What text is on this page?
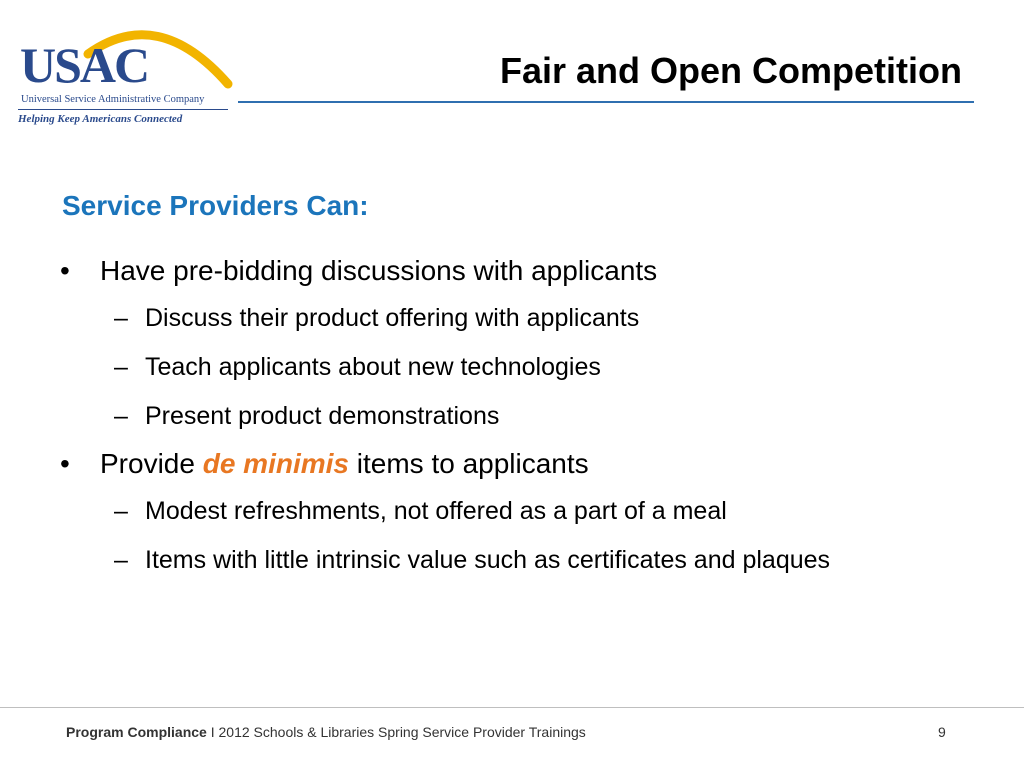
USAC
Universal Service Administrative Company
Helping Keep Americans Connected
Fair and Open Competition
Service Providers Can:
•	Have pre-bidding discussions with applicants
– Discuss their product offering with applicants
– Teach applicants about new technologies
– Present product demonstrations
•	Provide de minimis items to applicants
– Modest refreshments, not offered as a part of a meal
– Items with little intrinsic value such as certificates and plaques
Program Compliance I 2012 Schools & Libraries Spring Service Provider Trainings	9
